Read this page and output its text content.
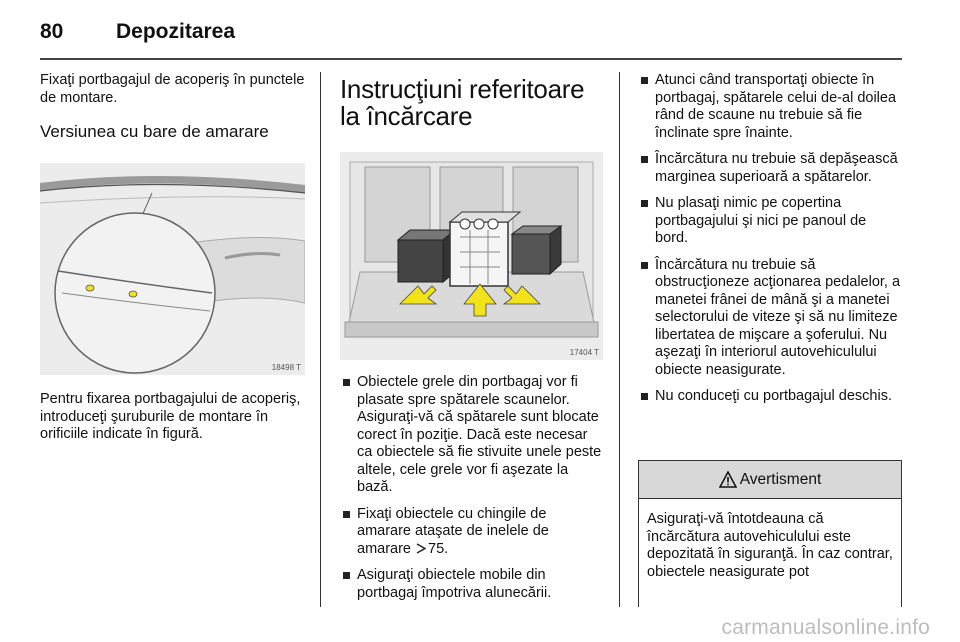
80	Depozitarea

Fixaţi portbagajul de acoperiş în punctele de montare.

Versiunea cu bare de amarare
18498 T

Pentru fixarea portbagajului de acoperiş, introduceţi şuruburile de montare în orificiile indicate în figură.

Instrucţiuni referitoare
la încărcare
17404 T
Obiectele grele din portbagaj vor fi plasate spre spătarele scaunelor. Asiguraţi-vă că spătarele sunt blocate corect în poziţie. Dacă este necesar ca obiectele să fie stivuite unele peste altele, cele grele vor fi aşezate la bază.
Fixaţi obiectele cu chingile de amarare ataşate de inelele de amarare 75.
Asiguraţi obiectele mobile din portbagaj împotriva alunecării.
Atunci când transportaţi obiecte în portbagaj, spătarele celui de-al doilea rând de scaune nu trebuie să fie înclinate spre înainte.
Încărcătura nu trebuie să depăşească marginea superioară a spătarelor.
Nu plasaţi nimic pe copertina portbagajului şi nici pe panoul de bord.
Încărcătura nu trebuie să obstrucţioneze acţionarea pedalelor, a manetei frânei de mână şi a manetei selectorului de viteze şi să nu limiteze libertatea de mişcare a şoferului. Nu aşezaţi în interiorul autovehiculului obiecte neasigurate.
Nu conduceţi cu portbagajul deschis.
Avertisment
Asiguraţi-vă întotdeauna că încărcătura autovehiculului este depozitată în siguranţă. În caz contrar, obiectele neasigurate pot
carmanualsonline.info
